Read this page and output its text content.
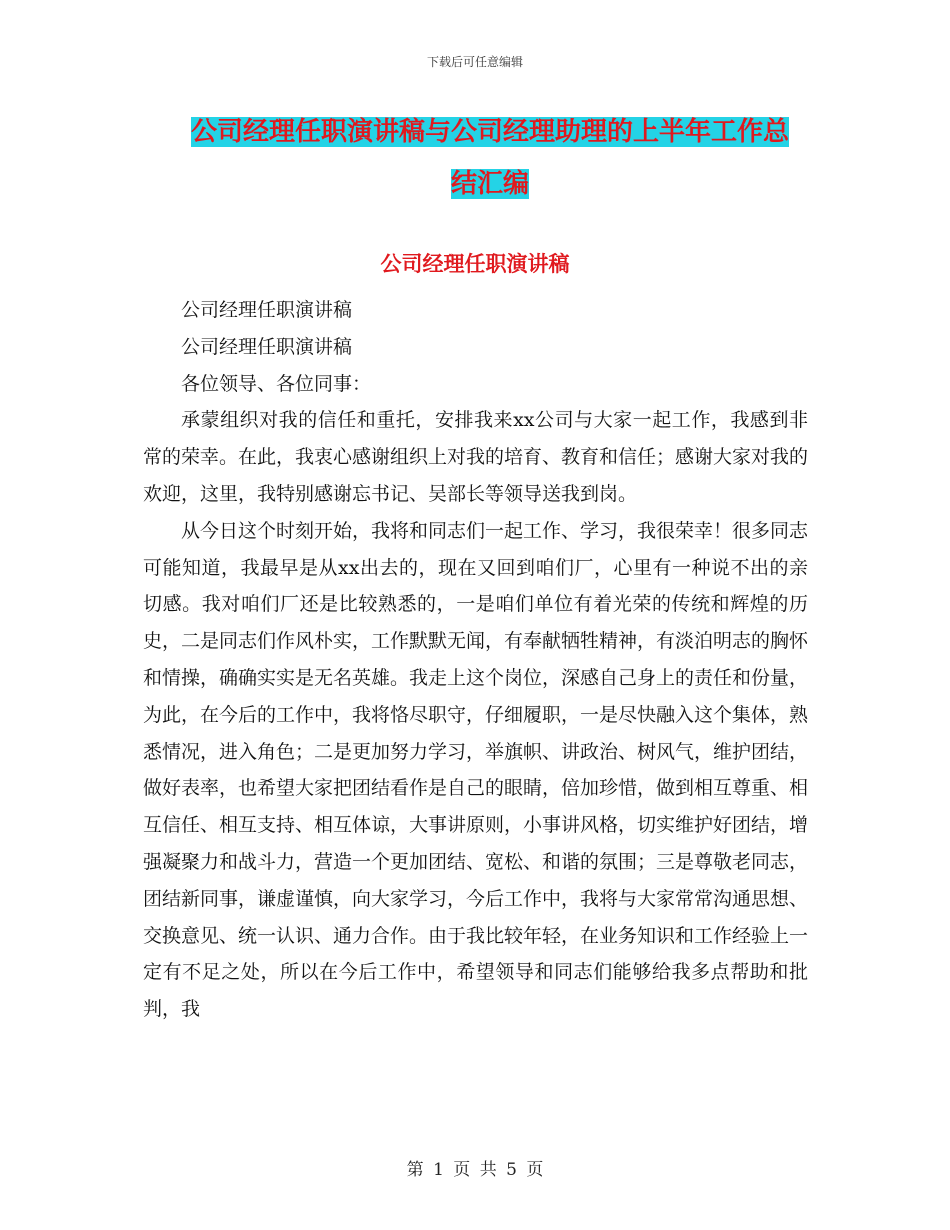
下载后可任意编辑
公司经理任职演讲稿与公司经理助理的上半年工作总
结汇编
公司经理任职演讲稿

公司经理任职演讲稿

公司经理任职演讲稿

各位领导、各位同事：

承蒙组织对我的信任和重托，安排我来xx公司与大家一起工作，我感到非常的荣幸。在此，我衷心感谢组织上对我的培育、教育和信任；感谢大家对我的欢迎，这里，我特别感谢忘书记、吴部长等领导送我到岗。

从今日这个时刻开始，我将和同志们一起工作、学习，我很荣幸！很多同志可能知道，我最早是从xx出去的，现在又回到咱们厂，心里有一种说不出的亲切感。我对咱们厂还是比较熟悉的，一是咱们单位有着光荣的传统和辉煌的历史，二是同志们作风朴实，工作默默无闻，有奉献牺牲精神，有淡泊明志的胸怀和情操，确确实实是无名英雄。我走上这个岗位，深感自己身上的责任和份量，为此，在今后的工作中，我将恪尽职守，仔细履职，一是尽快融入这个集体，熟悉情况，进入角色；二是更加努力学习，举旗帜、讲政治、树风气，维护团结，做好表率，也希望大家把团结看作是自己的眼睛，倍加珍惜，做到相互尊重、相互信任、相互支持、相互体谅，大事讲原则，小事讲风格，切实维护好团结，增强凝聚力和战斗力，营造一个更加团结、宽松、和谐的氛围；三是尊敬老同志，团结新同事，谦虚谨慎，向大家学习，今后工作中，我将与大家常常沟通思想、交换意见、统一认识、通力合作。由于我比较年轻，在业务知识和工作经验上一定有不足之处，所以在今后工作中，希望领导和同志们能够给我多点帮助和批判，我

第 1 页 共 5 页
